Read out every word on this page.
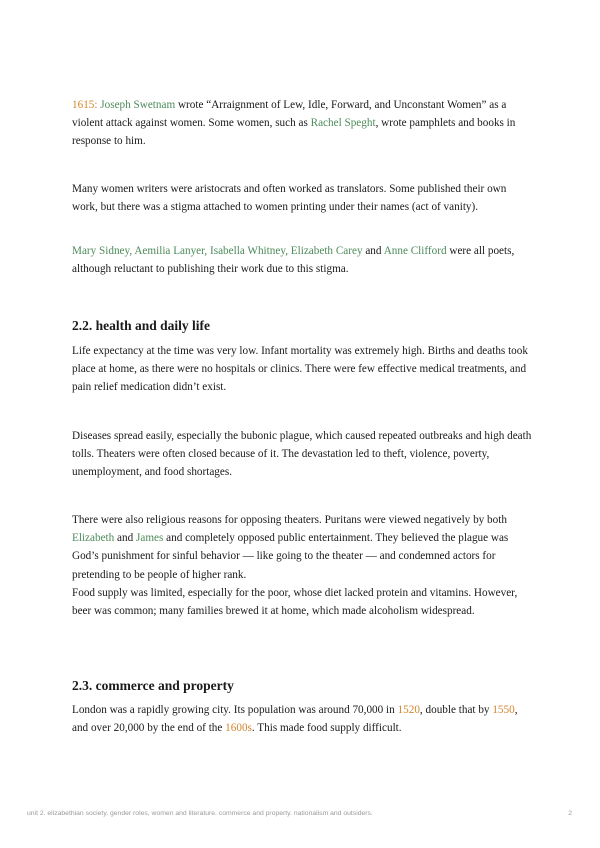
1615: Joseph Swetnam wrote “Arraignment of Lew, Idle, Forward, and Unconstant Women” as a violent attack against women. Some women, such as Rachel Speght, wrote pamphlets and books in response to him.

Many women writers were aristocrats and often worked as translators. Some published their own work, but there was a stigma attached to women printing under their names (act of vanity).

Mary Sidney, Aemilia Lanyer, Isabella Whitney, Elizabeth Carey and Anne Clifford were all poets, although reluctant to publishing their work due to this stigma.

2.2. health and daily life

Life expectancy at the time was very low. Infant mortality was extremely high. Births and deaths took place at home, as there were no hospitals or clinics. There were few effective medical treatments, and pain relief medication didn’t exist.

Diseases spread easily, especially the bubonic plague, which caused repeated outbreaks and high death tolls. Theaters were often closed because of it. The devastation led to theft, violence, poverty, unemployment, and food shortages.

There were also religious reasons for opposing theaters. Puritans were viewed negatively by both Elizabeth and James and completely opposed public entertainment. They believed the plague was God’s punishment for sinful behavior — like going to the theater — and condemned actors for pretending to be people of higher rank.

Food supply was limited, especially for the poor, whose diet lacked protein and vitamins. However, beer was common; many families brewed it at home, which made alcoholism widespread.

2.3. commerce and property

London was a rapidly growing city. Its population was around 70,000 in 1520, double that by 1550, and over 20,000 by the end of the 1600s. This made food supply difficult.

unit 2. elizabethian society. gender roles, women and literature. commerce and property. nationalism and outsiders.	2
